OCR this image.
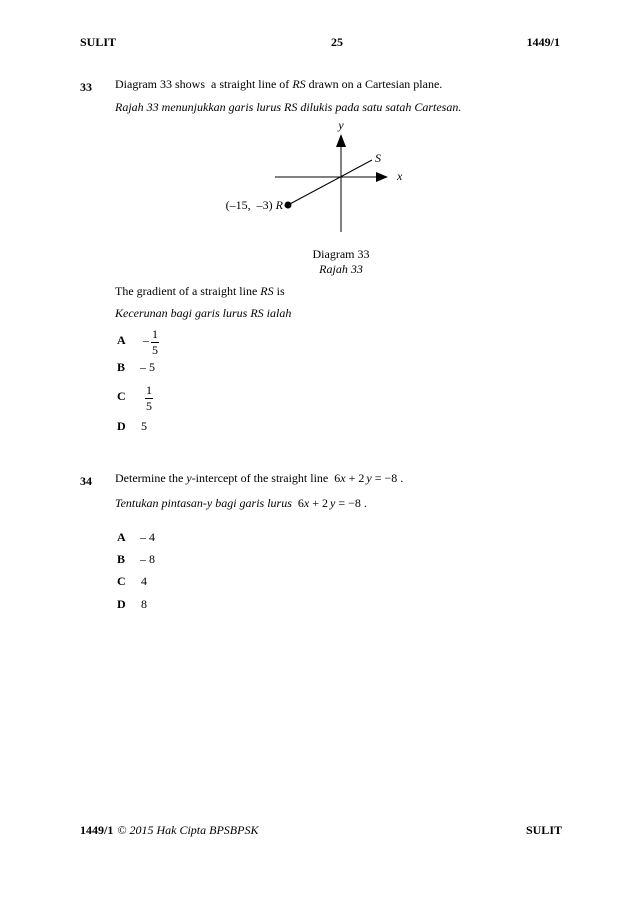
SULIT	25	1449/1
33 Diagram 33 shows  a straight line of RS drawn on a Cartesian plane.
Rajah 33 menunjukkan garis lurus RS dilukis pada satu satah Cartesan.
y
x
S
(–15,  –3) R
Diagram 33
Rajah 33
The gradient of a straight line RS is
Kecerunan bagi garis lurus RS ialah
A – $\frac{1}{5}$
B – 5
C $\frac{1}{5}$
D 5
34 Determine the y-intercept of the straight line 6x + 2 y = −8 .
Tentukan pintasan-y bagi garis lurus 6x + 2 y = −8 .
A – 4
B – 8
C 4
D 8
1449/1 © 2015 Hak Cipta BPSBPSK	SULIT
